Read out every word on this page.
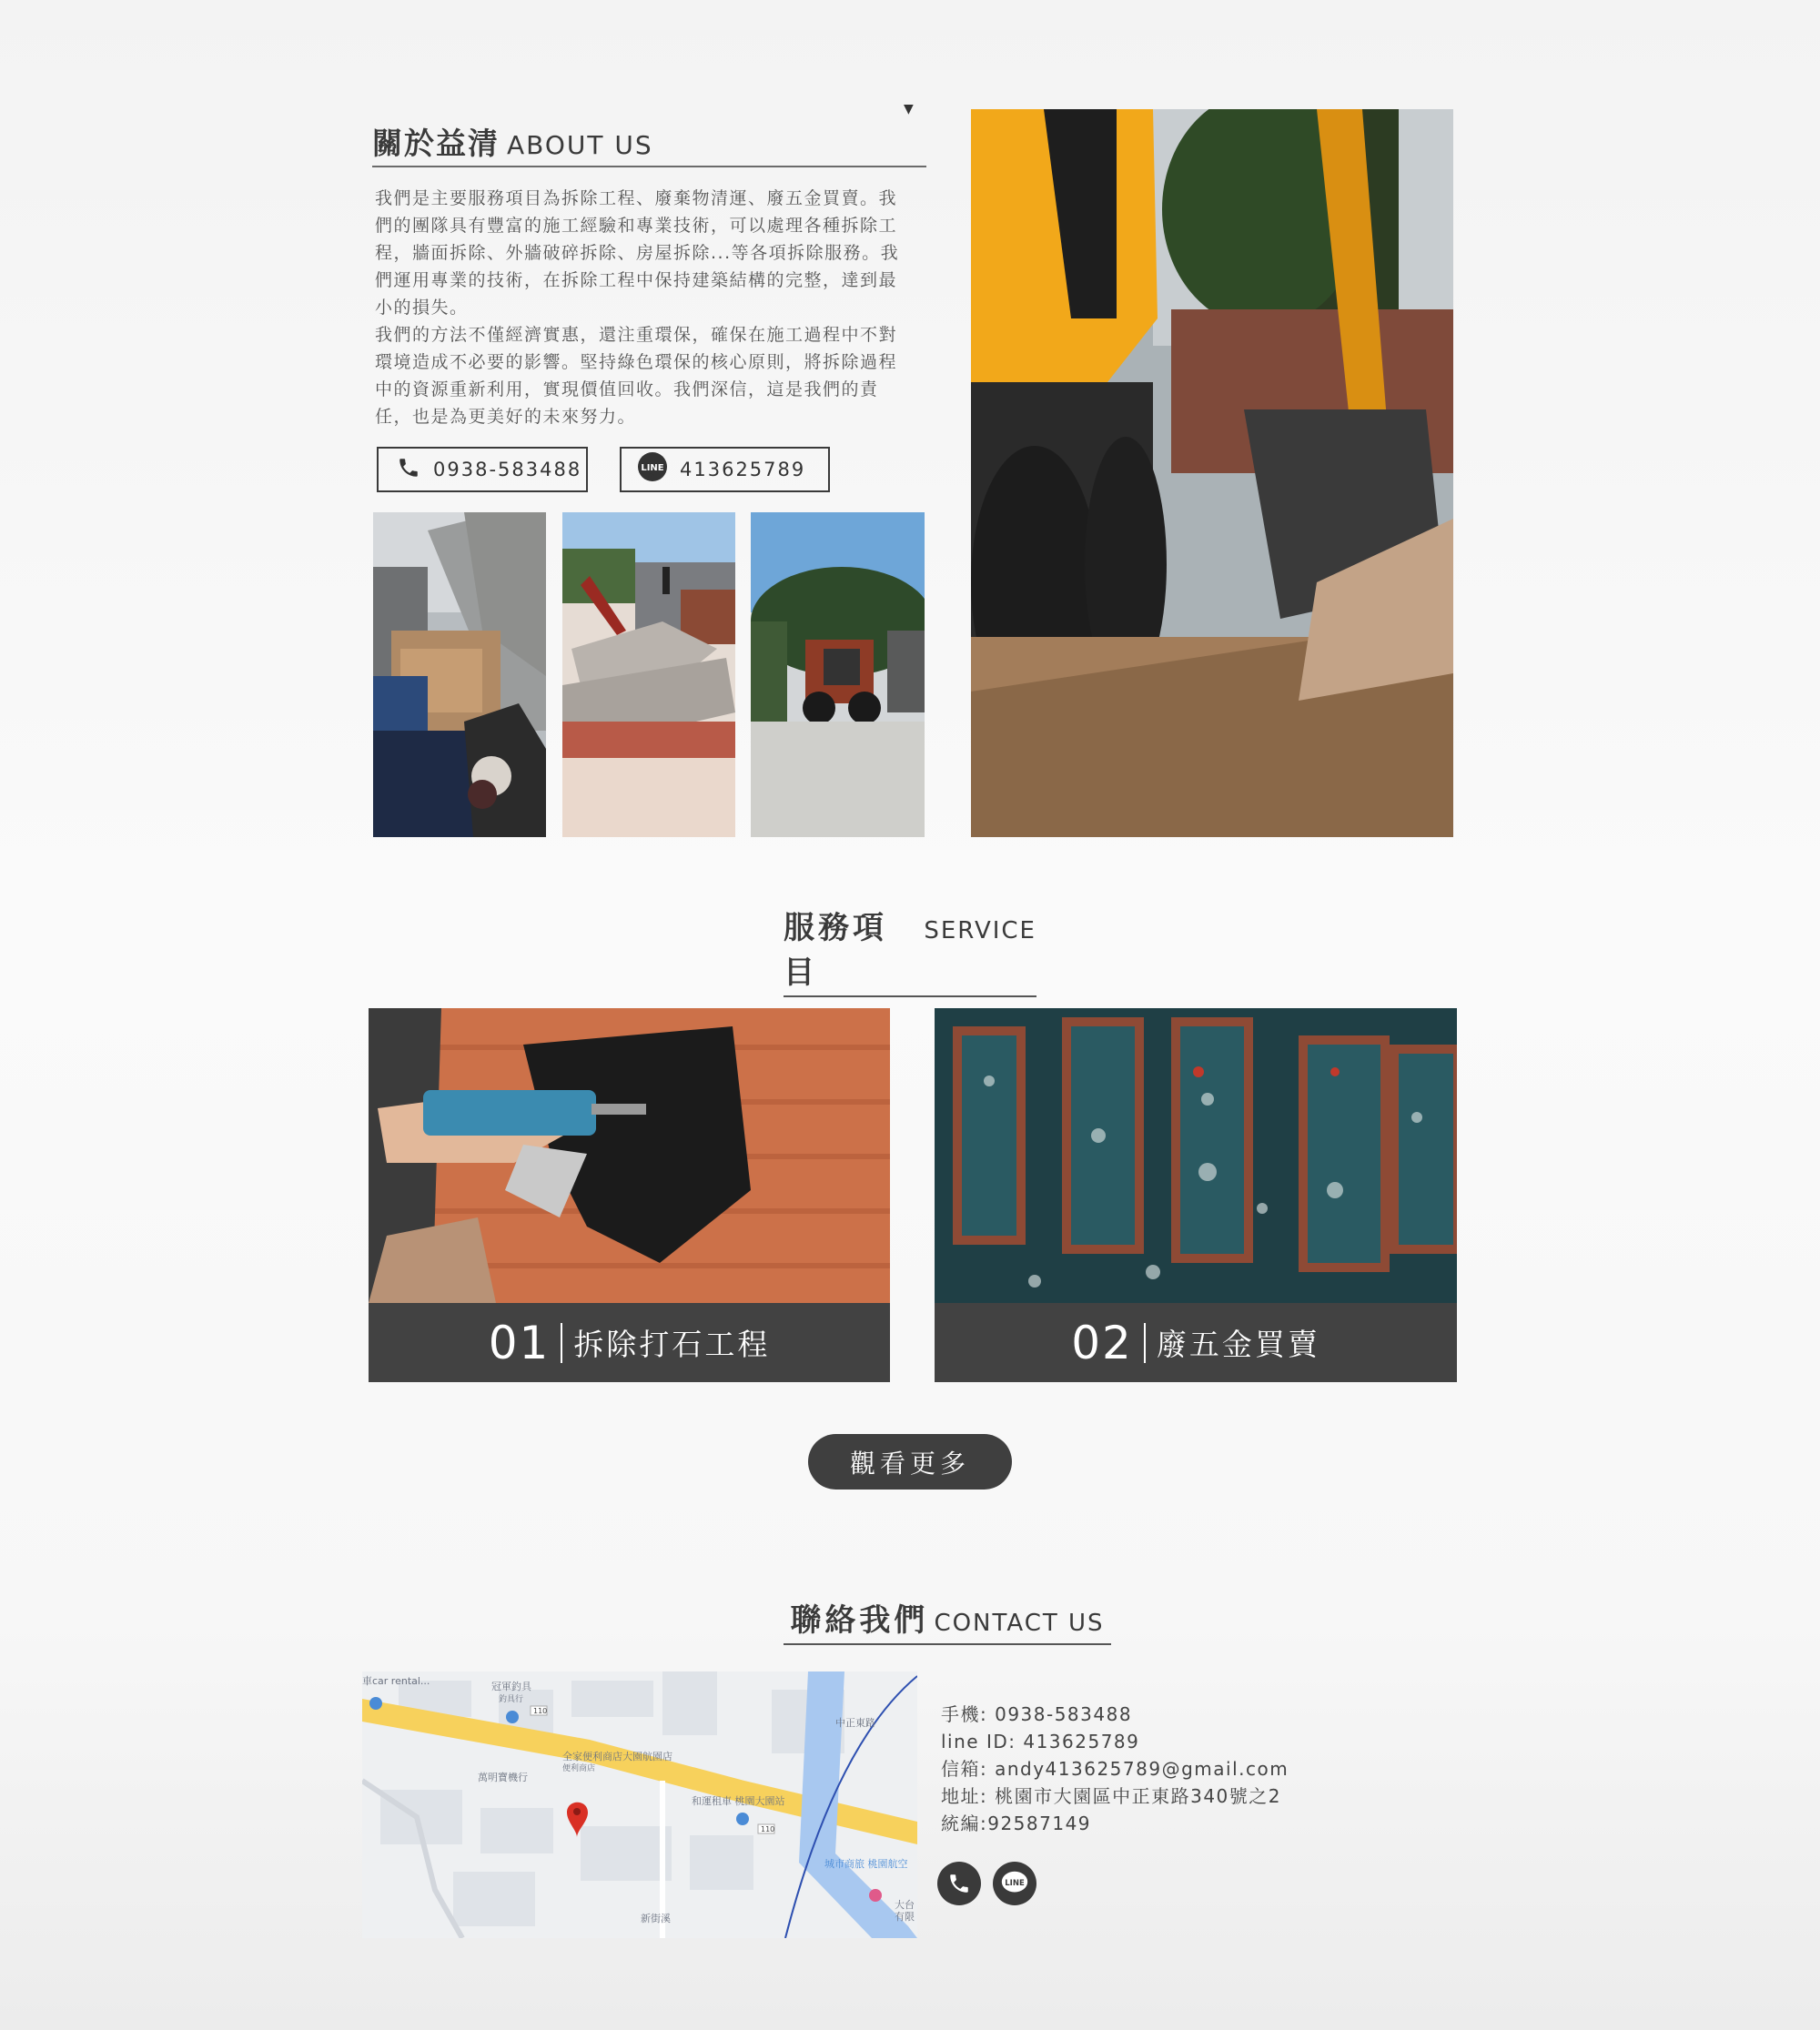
▼
關於益清 ABOUT US

我們是主要服務項目為拆除工程、廢棄物清運、廢五金買賣。我們的團隊具有豐富的施工經驗和專業技術，可以處理各種拆除工程，牆面拆除、外牆破碎拆除、房屋拆除...等各項拆除服務。我們運用專業的技術，在拆除工程中保持建築結構的完整，達到最小的損失。

我們的方法不僅經濟實惠，還注重環保，確保在施工過程中不對環境造成不必要的影響。堅持綠色環保的核心原則，將拆除過程中的資源重新利用，實現價值回收。我們深信，這是我們的責任，也是為更美好的未來努力。

0938-583488	LINE 413625789
服務項目
SERVICE
01 拆除打石工程	02 廢五金買賣
觀看更多
聯絡我們 CONTACT US
110
110
車car rental...	冠軍釣具
釣具行
全家便利商店大園航園店
便利商店
萬明寶機行
和運租車 桃園大園站
城市商旅 桃園航空
新街溪
中正東路
大台
有限
手機: 0938-583488
line ID: 413625789
信箱: andy413625789@gmail.com
地址: 桃園市大園區中正東路340號之2
統編:92587149
LINE
